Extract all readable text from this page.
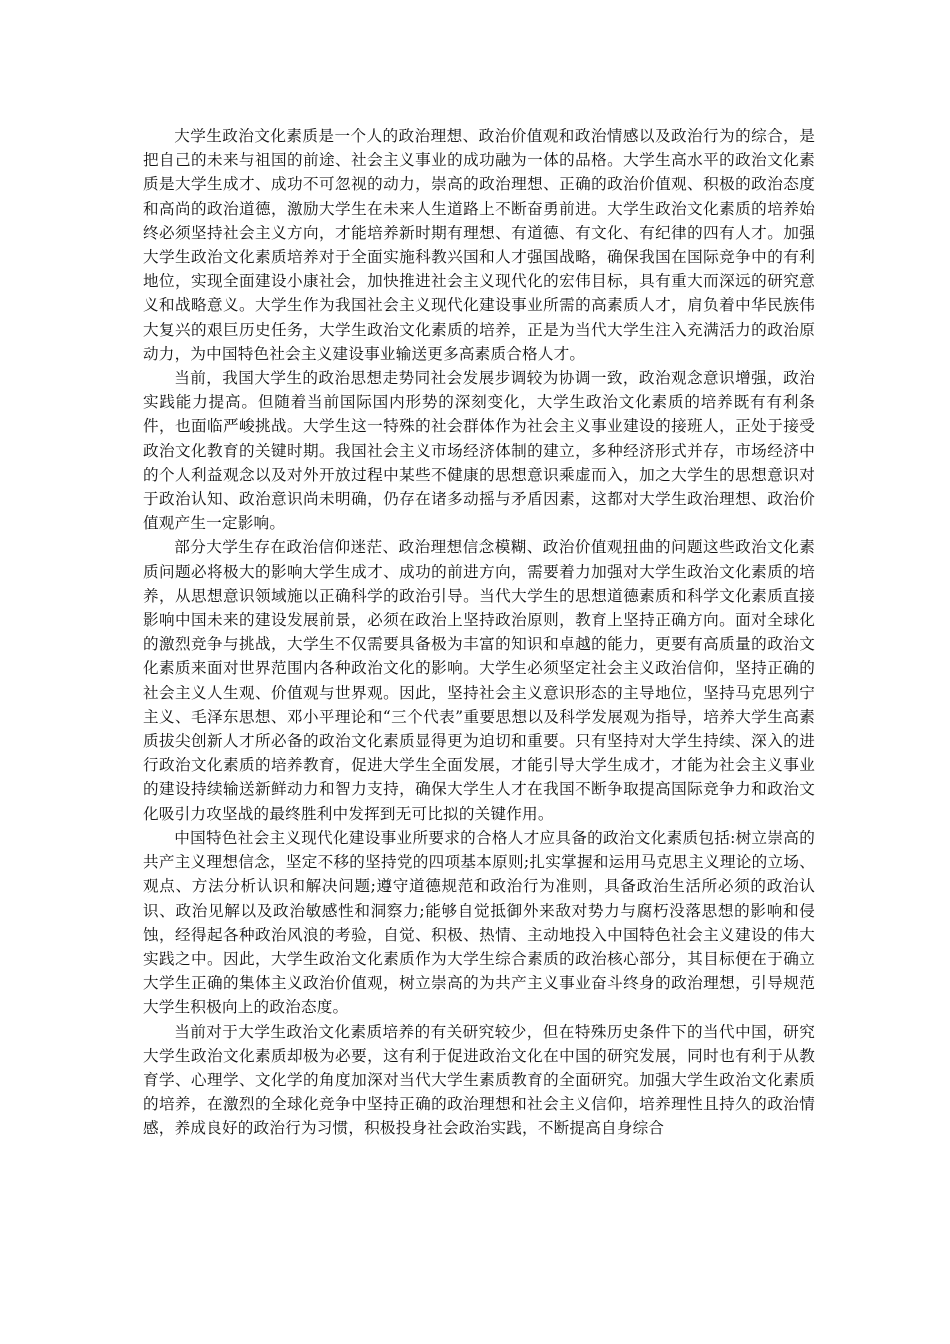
大学生政治文化素质是一个人的政治理想、政治价值观和政治情感以及政治行为的综合，是把自己的未来与祖国的前途、社会主义事业的成功融为一体的品格。大学生高水平的政治文化素质是大学生成才、成功不可忽视的动力，崇高的政治理想、正确的政治价值观、积极的政治态度和高尚的政治道德，激励大学生在未来人生道路上不断奋勇前进。大学生政治文化素质的培养始终必须坚持社会主义方向，才能培养新时期有理想、有道德、有文化、有纪律的四有人才。加强大学生政治文化素质培养对于全面实施科教兴国和人才强国战略，确保我国在国际竞争中的有利地位，实现全面建设小康社会，加快推进社会主义现代化的宏伟目标，具有重大而深远的研究意义和战略意义。大学生作为我国社会主义现代化建设事业所需的高素质人才，肩负着中华民族伟大复兴的艰巨历史任务，大学生政治文化素质的培养，正是为当代大学生注入充满活力的政治原动力，为中国特色社会主义建设事业输送更多高素质合格人才。

当前，我国大学生的政治思想走势同社会发展步调较为协调一致，政治观念意识增强，政治实践能力提高。但随着当前国际国内形势的深刻变化，大学生政治文化素质的培养既有有利条件，也面临严峻挑战。大学生这一特殊的社会群体作为社会主义事业建设的接班人，正处于接受政治文化教育的关键时期。我国社会主义市场经济体制的建立，多种经济形式并存，市场经济中的个人利益观念以及对外开放过程中某些不健康的思想意识乘虚而入，加之大学生的思想意识对于政治认知、政治意识尚未明确，仍存在诸多动摇与矛盾因素，这都对大学生政治理想、政治价值观产生一定影响。

部分大学生存在政治信仰迷茫、政治理想信念模糊、政治价值观扭曲的问题这些政治文化素质问题必将极大的影响大学生成才、成功的前进方向，需要着力加强对大学生政治文化素质的培养，从思想意识领域施以正确科学的政治引导。当代大学生的思想道德素质和科学文化素质直接影响中国未来的建设发展前景，必须在政治上坚持政治原则，教育上坚持正确方向。面对全球化的激烈竞争与挑战，大学生不仅需要具备极为丰富的知识和卓越的能力，更要有高质量的政治文化素质来面对世界范围内各种政治文化的影响。大学生必须坚定社会主义政治信仰，坚持正确的社会主义人生观、价值观与世界观。因此，坚持社会主义意识形态的主导地位，坚持马克思列宁主义、毛泽东思想、邓小平理论和“三个代表”重要思想以及科学发展观为指导，培养大学生高素质拔尖创新人才所必备的政治文化素质显得更为迫切和重要。只有坚持对大学生持续、深入的进行政治文化素质的培养教育，促进大学生全面发展，才能引导大学生成才，才能为社会主义事业的建设持续输送新鲜动力和智力支持，确保大学生人才在我国不断争取提高国际竞争力和政治文化吸引力攻坚战的最终胜利中发挥到无可比拟的关键作用。

中国特色社会主义现代化建设事业所要求的合格人才应具备的政治文化素质包括:树立崇高的共产主义理想信念，坚定不移的坚持党的四项基本原则;扎实掌握和运用马克思主义理论的立场、观点、方法分析认识和解决问题;遵守道德规范和政治行为准则，具备政治生活所必须的政治认识、政治见解以及政治敏感性和洞察力;能够自觉抵御外来敌对势力与腐朽没落思想的影响和侵蚀，经得起各种政治风浪的考验，自觉、积极、热情、主动地投入中国特色社会主义建设的伟大实践之中。因此，大学生政治文化素质作为大学生综合素质的政治核心部分，其目标便在于确立大学生正确的集体主义政治价值观，树立崇高的为共产主义事业奋斗终身的政治理想，引导规范大学生积极向上的政治态度。

当前对于大学生政治文化素质培养的有关研究较少，但在特殊历史条件下的当代中国，研究大学生政治文化素质却极为必要，这有利于促进政治文化在中国的研究发展，同时也有利于从教育学、心理学、文化学的角度加深对当代大学生素质教育的全面研究。加强大学生政治文化素质的培养，在激烈的全球化竞争中坚持正确的政治理想和社会主义信仰，培养理性且持久的政治情感，养成良好的政治行为习惯，积极投身社会政治实践，不断提高自身综合
